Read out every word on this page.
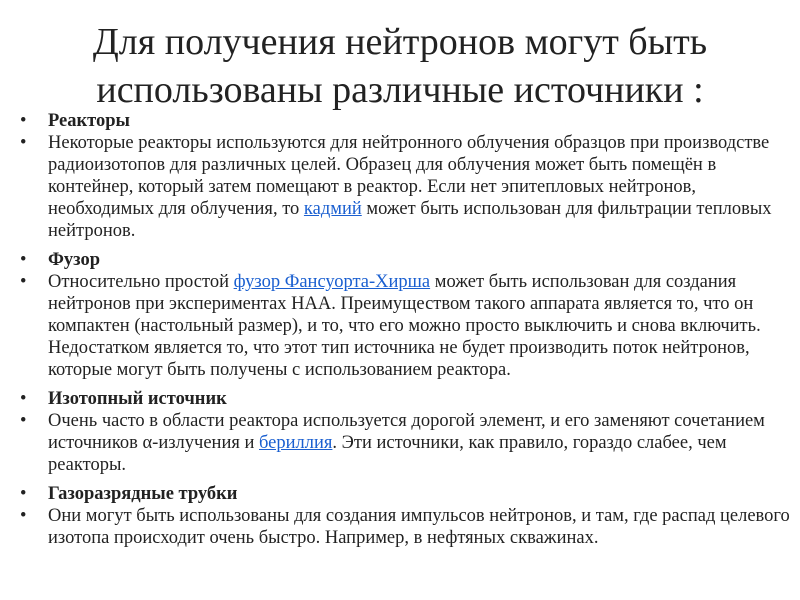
Для получения нейтронов могут быть
использованы различные источники :
•	Реакторы
•	Некоторые реакторы используются для нейтронного облучения образцов при производстве радиоизотопов для различных целей. Образец для облучения может быть помещён в контейнер, который затем помещают в реактор. Если нет эпитепловых нейтронов, необходимых для облучения, то кадмий может быть использован для фильтрации тепловых нейтронов.
•	Фузор
•	Относительно простой фузор Фансуорта-Хирша может быть использован для создания нейтронов при экспериментах НАА. Преимуществом такого аппарата является то, что он компактен (настольный размер), и то, что его можно просто выключить и снова включить. Недостатком является то, что этот тип источника не будет производить поток нейтронов, которые могут быть получены с использованием реактора.
•	Изотопный источник
•	Очень часто в области реактора используется дорогой элемент, и его заменяют сочетанием источников α-излучения и бериллия. Эти источники, как правило, гораздо слабее, чем реакторы.
•	Газоразрядные трубки
•	Они могут быть использованы для создания импульсов нейтронов, и там, где распад целевого изотопа происходит очень быстро. Например, в нефтяных скважинах.
